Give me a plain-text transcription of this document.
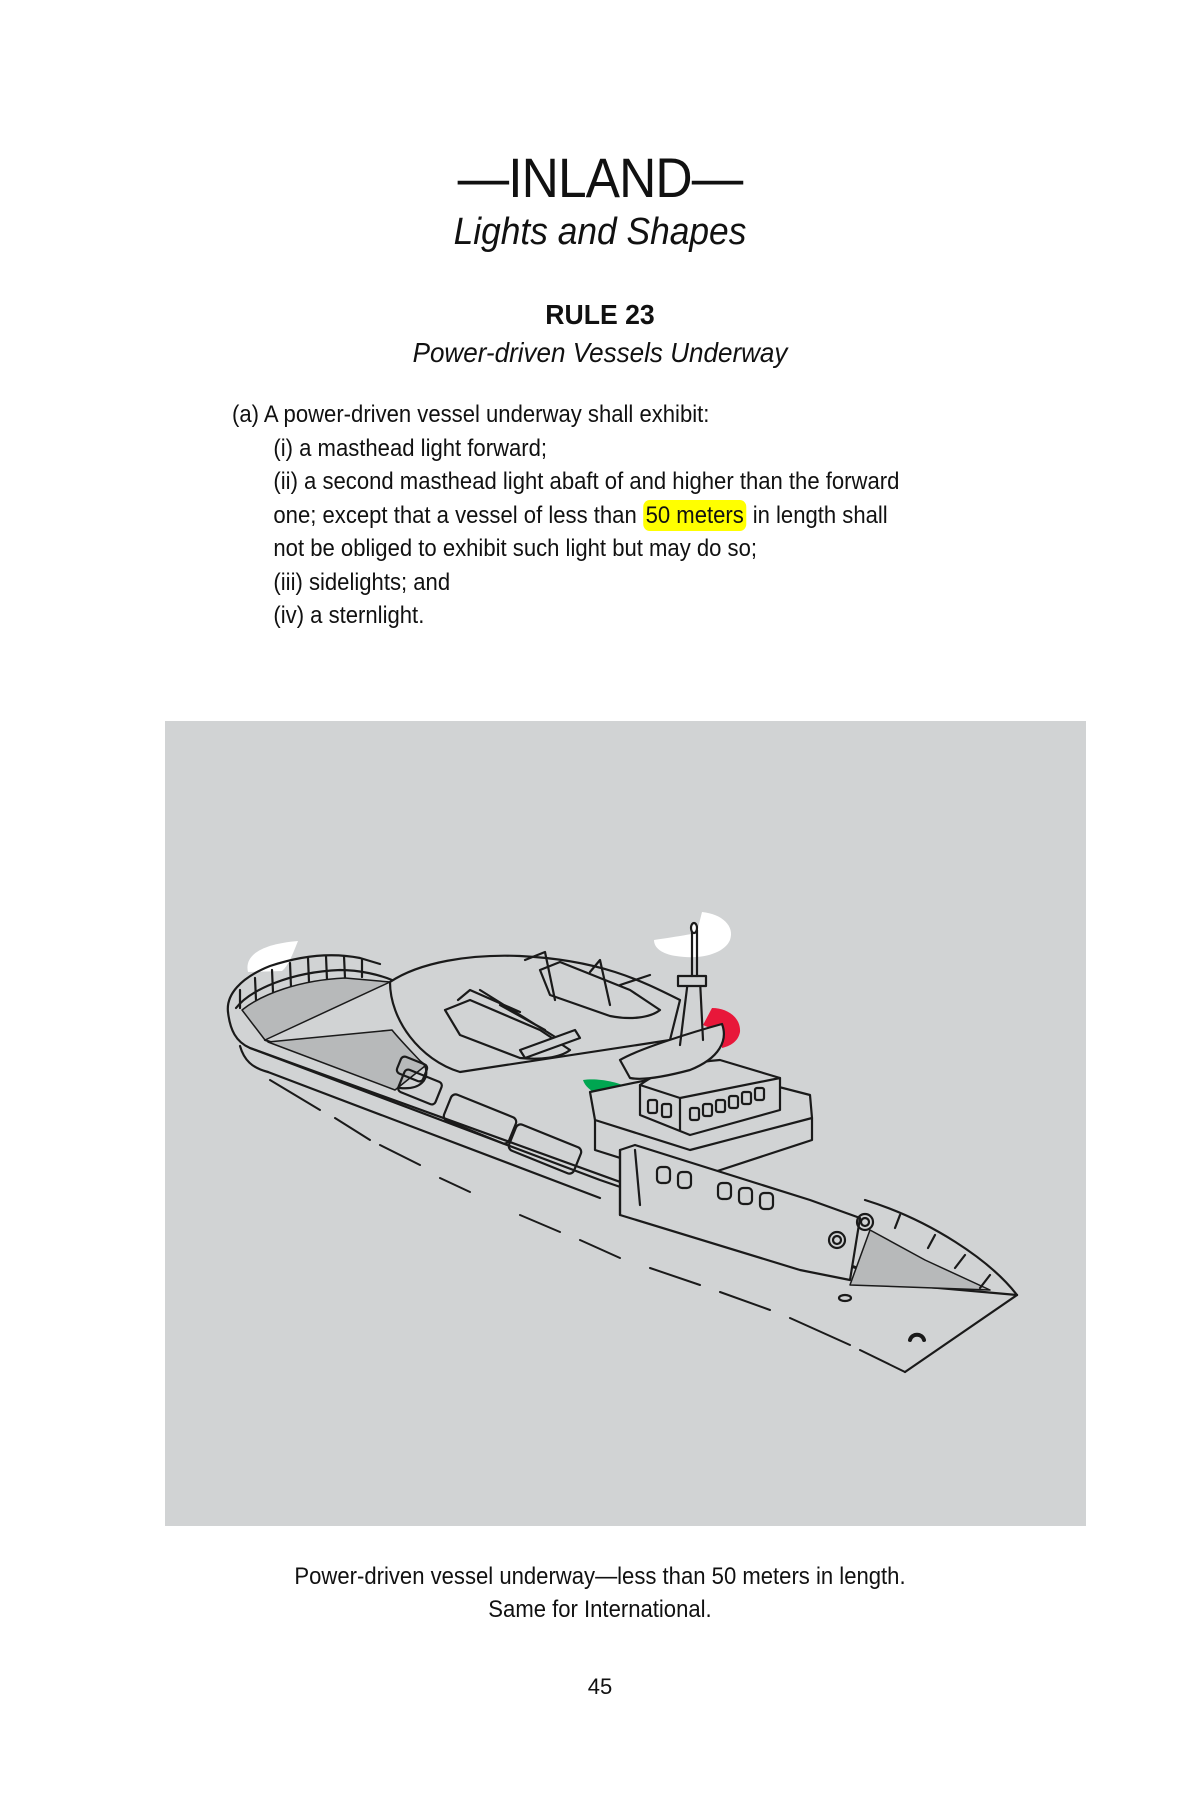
—INLAND—
Lights and Shapes
RULE 23
Power-driven Vessels Underway
(a) A power-driven vessel underway shall exhibit:
(i) a masthead light forward;
(ii) a second masthead light abaft of and higher than the forward
one; except that a vessel of less than 50 meters in length shall
not be obliged to exhibit such light but may do so;
(iii) sidelights; and
(iv) a sternlight.
Power-driven vessel underway—less than 50 meters in length.
Same for International.
45
